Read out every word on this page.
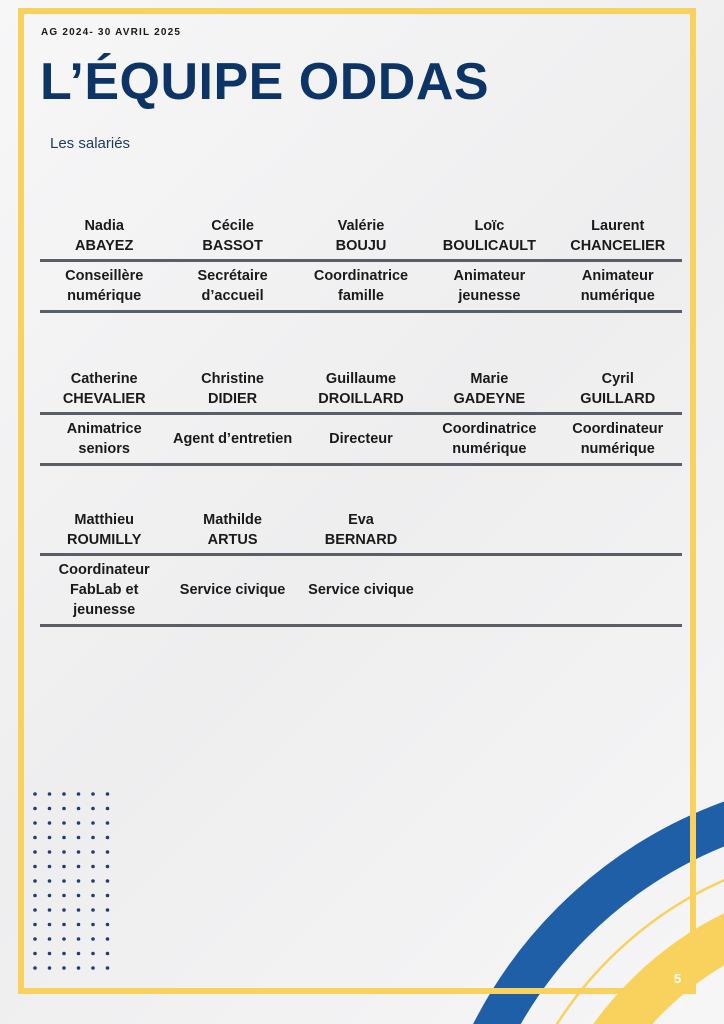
AG 2024- 30 AVRIL 2025
L’ÉQUIPE ODDAS
Les salariés
Nadia
ABAYEZ
Cécile
BASSOT
Valérie
BOUJU
Loïc
BOULICAULT
Laurent
CHANCELIER
Conseillère numérique
Secrétaire d’accueil
Coordinatrice famille
Animateur jeunesse
Animateur numérique
Catherine
CHEVALIER
Christine
DIDIER
Guillaume
DROILLARD
Marie
GADEYNE
Cyril
GUILLARD
Animatrice seniors
Agent d’entretien	Directeur
Coordinatrice numérique
Coordinateur numérique
Matthieu
ROUMILLY
Mathilde
ARTUS
Eva
BERNARD
Coordinateur FabLab et jeunesse
Service civique	Service civique
5
